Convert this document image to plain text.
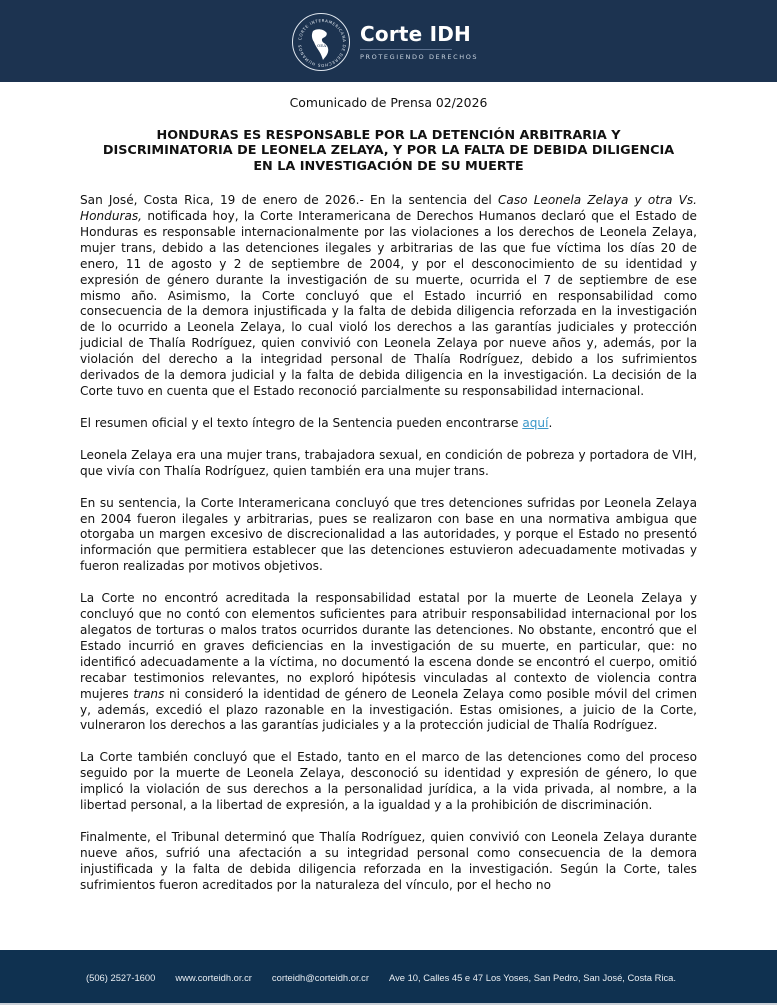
CORTE INTERAMERICANA DE DERECHOS HUMANOS	OEA Corte IDH
PROTEGIENDO DERECHOS
Comunicado de Prensa 02/2026
HONDURAS ES RESPONSABLE POR LA DETENCIÓN ARBITRARIA Y DISCRIMINATORIA DE LEONELA ZELAYA, Y POR LA FALTA DE DEBIDA DILIGENCIA EN LA INVESTIGACIÓN DE SU MUERTE

San José, Costa Rica, 19 de enero de 2026.- En la sentencia del Caso Leonela Zelaya y otra Vs. Honduras, notificada hoy, la Corte Interamericana de Derechos Humanos declaró que el Estado de Honduras es responsable internacionalmente por las violaciones a los derechos de Leonela Zelaya, mujer trans, debido a las detenciones ilegales y arbitrarias de las que fue víctima los días 20 de enero, 11 de agosto y 2 de septiembre de 2004, y por el desconocimiento de su identidad y expresión de género durante la investigación de su muerte, ocurrida el 7 de septiembre de ese mismo año. Asimismo, la Corte concluyó que el Estado incurrió en responsabilidad como consecuencia de la demora injustificada y la falta de debida diligencia reforzada en la investigación de lo ocurrido a Leonela Zelaya, lo cual violó los derechos a las garantías judiciales y protección judicial de Thalía Rodríguez, quien convivió con Leonela Zelaya por nueve años y, además, por la violación del derecho a la integridad personal de Thalía Rodríguez, debido a los sufrimientos derivados de la demora judicial y la falta de debida diligencia en la investigación. La decisión de la Corte tuvo en cuenta que el Estado reconoció parcialmente su responsabilidad internacional.

El resumen oficial y el texto íntegro de la Sentencia pueden encontrarse aquí.

Leonela Zelaya era una mujer trans, trabajadora sexual, en condición de pobreza y portadora de VIH, que vivía con Thalía Rodríguez, quien también era una mujer trans.

En su sentencia, la Corte Interamericana concluyó que tres detenciones sufridas por Leonela Zelaya en 2004 fueron ilegales y arbitrarias, pues se realizaron con base en una normativa ambigua que otorgaba un margen excesivo de discrecionalidad a las autoridades, y porque el Estado no presentó información que permitiera establecer que las detenciones estuvieron adecuadamente motivadas y fueron realizadas por motivos objetivos.

La Corte no encontró acreditada la responsabilidad estatal por la muerte de Leonela Zelaya y concluyó que no contó con elementos suficientes para atribuir responsabilidad internacional por los alegatos de torturas o malos tratos ocurridos durante las detenciones. No obstante, encontró que el Estado incurrió en graves deficiencias en la investigación de su muerte, en particular, que: no identificó adecuadamente a la víctima, no documentó la escena donde se encontró el cuerpo, omitió recabar testimonios relevantes, no exploró hipótesis vinculadas al contexto de violencia contra mujeres trans ni consideró la identidad de género de Leonela Zelaya como posible móvil del crimen y, además, excedió el plazo razonable en la investigación. Estas omisiones, a juicio de la Corte, vulneraron los derechos a las garantías judiciales y a la protección judicial de Thalía Rodríguez.

La Corte también concluyó que el Estado, tanto en el marco de las detenciones como del proceso seguido por la muerte de Leonela Zelaya, desconoció su identidad y expresión de género, lo que implicó la violación de sus derechos a la personalidad jurídica, a la vida privada, al nombre, a la libertad personal, a la libertad de expresión, a la igualdad y a la prohibición de discriminación.

Finalmente, el Tribunal determinó que Thalía Rodríguez, quien convivió con Leonela Zelaya durante nueve años, sufrió una afectación a su integridad personal como consecuencia de la demora injustificada y la falta de debida diligencia reforzada en la investigación. Según la Corte, tales sufrimientos fueron acreditados por la naturaleza del vínculo, por el hecho no

(506) 2527-1600 www.corteidh.or.cr corteidh@corteidh.or.cr Ave 10, Calles 45 e 47 Los Yoses, San Pedro, San José, Costa Rica.
